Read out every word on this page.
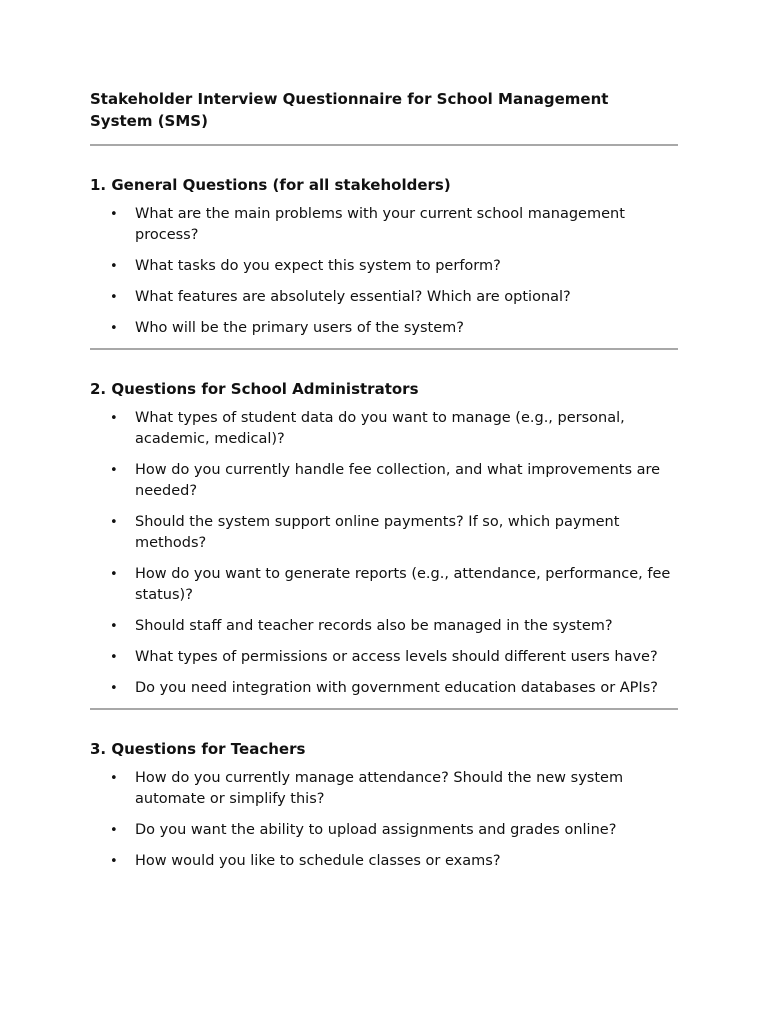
Stakeholder Interview Questionnaire for School Management System (SMS)
1. General Questions (for all stakeholders)
• What are the main problems with your current school management process?
• What tasks do you expect this system to perform?
• What features are absolutely essential? Which are optional?
• Who will be the primary users of the system?
2. Questions for School Administrators
• What types of student data do you want to manage (e.g., personal, academic, medical)?
• How do you currently handle fee collection, and what improvements are needed?
• Should the system support online payments? If so, which payment methods?
• How do you want to generate reports (e.g., attendance, performance, fee status)?
• Should staff and teacher records also be managed in the system?
• What types of permissions or access levels should different users have?
• Do you need integration with government education databases or APIs?
3. Questions for Teachers
• How do you currently manage attendance? Should the new system automate or simplify this?
• Do you want the ability to upload assignments and grades online?
• How would you like to schedule classes or exams?
